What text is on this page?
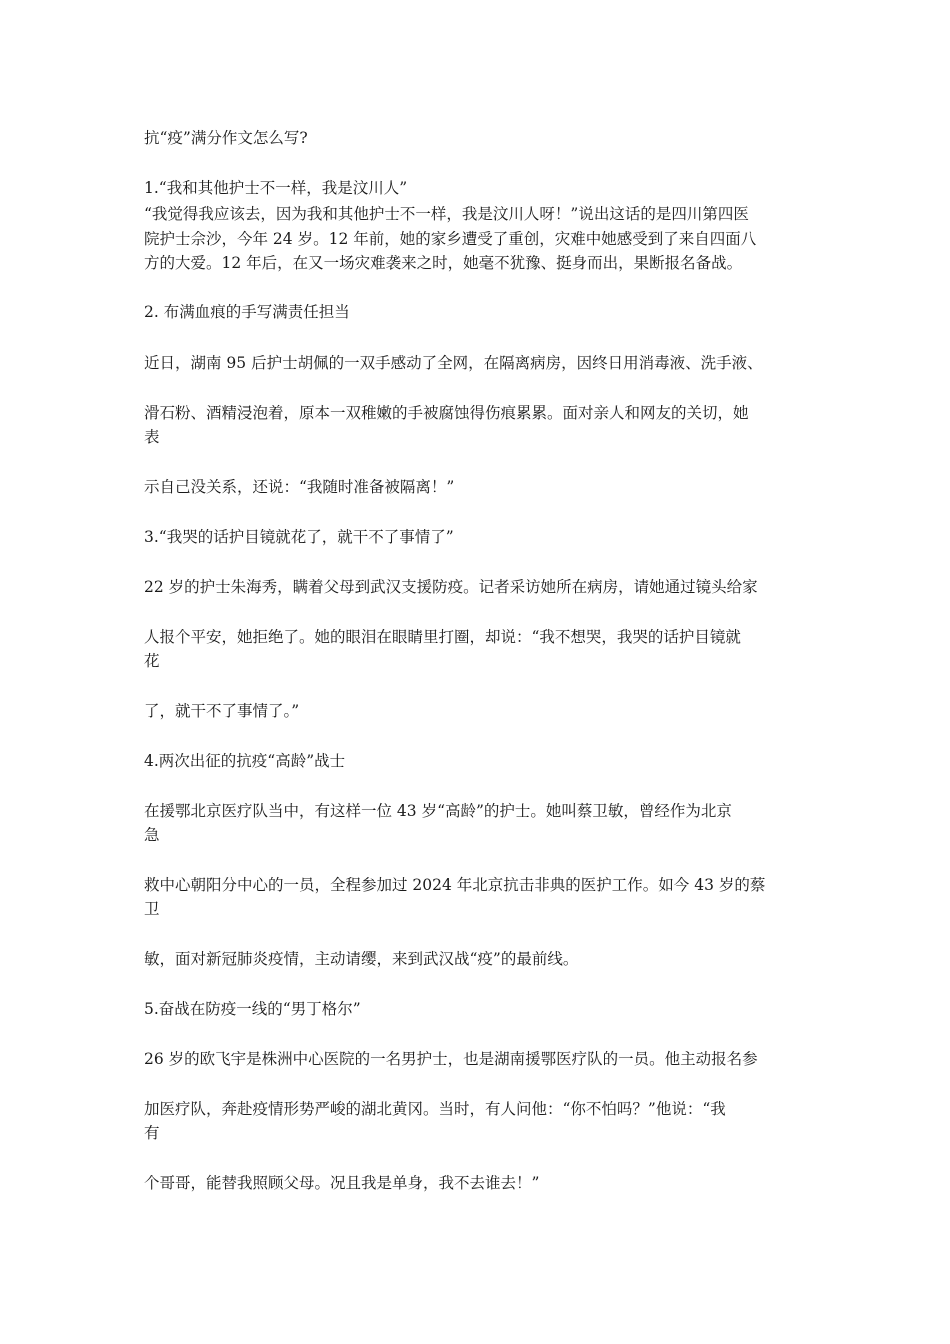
抗“疫”满分作文怎么写?
1.“我和其他护士不一样，我是汶川人”
“我觉得我应该去，因为我和其他护士不一样，我是汶川人呀！”说出这话的是四川第四医
院护士佘沙，今年 24 岁。12 年前，她的家乡遭受了重创，灾难中她感受到了来自四面八
方的大爱。12 年后，在又一场灾难袭来之时，她毫不犹豫、挺身而出，果断报名备战。
2. 布满血痕的手写满责任担当
近日，湖南 95 后护士胡佩的一双手感动了全网，在隔离病房，因终日用消毒液、洗手液、
滑石粉、酒精浸泡着，原本一双稚嫩的手被腐蚀得伤痕累累。面对亲人和网友的关切，她
表
示自己没关系，还说：“我随时准备被隔离！”
3.“我哭的话护目镜就花了，就干不了事情了”
22 岁的护士朱海秀，瞒着父母到武汉支援防疫。记者采访她所在病房，请她通过镜头给家
人报个平安，她拒绝了。她的眼泪在眼睛里打圈，却说：“我不想哭，我哭的话护目镜就
花
了，就干不了事情了。”
4.两次出征的抗疫“高龄”战士
在援鄂北京医疗队当中，有这样一位 43 岁“高龄”的护士。她叫蔡卫敏，曾经作为北京
急
救中心朝阳分中心的一员，全程参加过 2024 年北京抗击非典的医护工作。如今 43 岁的蔡
卫
敏，面对新冠肺炎疫情，主动请缨，来到武汉战“疫”的最前线。
5.奋战在防疫一线的“男丁格尔”
26 岁的欧飞宇是株洲中心医院的一名男护士，也是湖南援鄂医疗队的一员。他主动报名参
加医疗队，奔赴疫情形势严峻的湖北黄冈。当时，有人问他：“你不怕吗？”他说：“我
有
个哥哥，能替我照顾父母。况且我是单身，我不去谁去！”
